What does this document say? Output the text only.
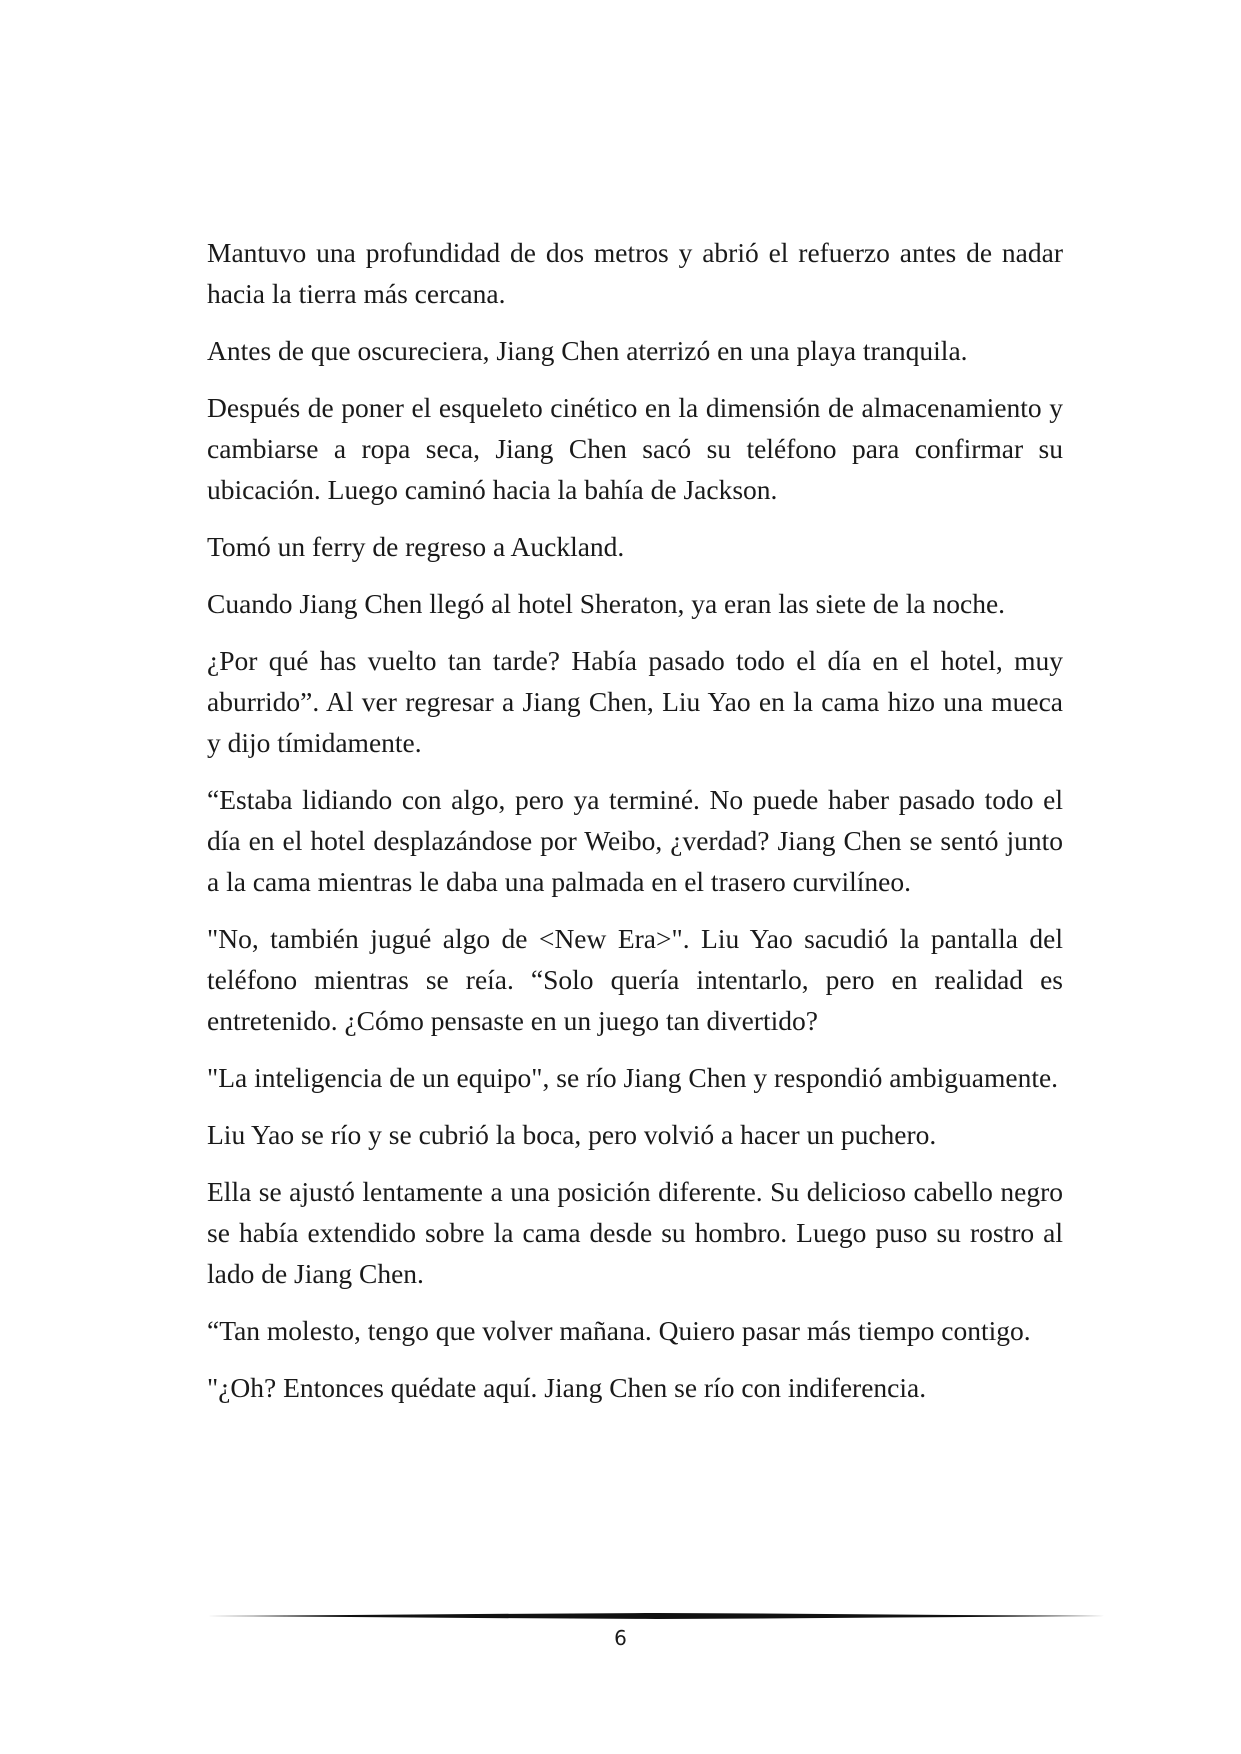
Mantuvo una profundidad de dos metros y abrió el refuerzo antes de nadar hacia la tierra más cercana.

Antes de que oscureciera, Jiang Chen aterrizó en una playa tranquila.

Después de poner el esqueleto cinético en la dimensión de almacenamiento y cambiarse a ropa seca, Jiang Chen sacó su teléfono para confirmar su ubicación. Luego caminó hacia la bahía de Jackson.

Tomó un ferry de regreso a Auckland.

Cuando Jiang Chen llegó al hotel Sheraton, ya eran las siete de la noche.

¿Por qué has vuelto tan tarde? Había pasado todo el día en el hotel, muy aburrido”. Al ver regresar a Jiang Chen, Liu Yao en la cama hizo una mueca y dijo tímidamente.

“Estaba lidiando con algo, pero ya terminé. No puede haber pasado todo el día en el hotel desplazándose por Weibo, ¿verdad? Jiang Chen se sentó junto a la cama mientras le daba una palmada en el trasero curvilíneo.

"No, también jugué algo de <New Era>". Liu Yao sacudió la pantalla del teléfono mientras se reía. “Solo quería intentarlo, pero en realidad es entretenido. ¿Cómo pensaste en un juego tan divertido?

"La inteligencia de un equipo", se río Jiang Chen y respondió ambiguamente.

Liu Yao se río y se cubrió la boca, pero volvió a hacer un puchero.

Ella se ajustó lentamente a una posición diferente. Su delicioso cabello negro se había extendido sobre la cama desde su hombro. Luego puso su rostro al lado de Jiang Chen.

“Tan molesto, tengo que volver mañana. Quiero pasar más tiempo contigo.

"¿Oh? Entonces quédate aquí. Jiang Chen se río con indiferencia.

6
